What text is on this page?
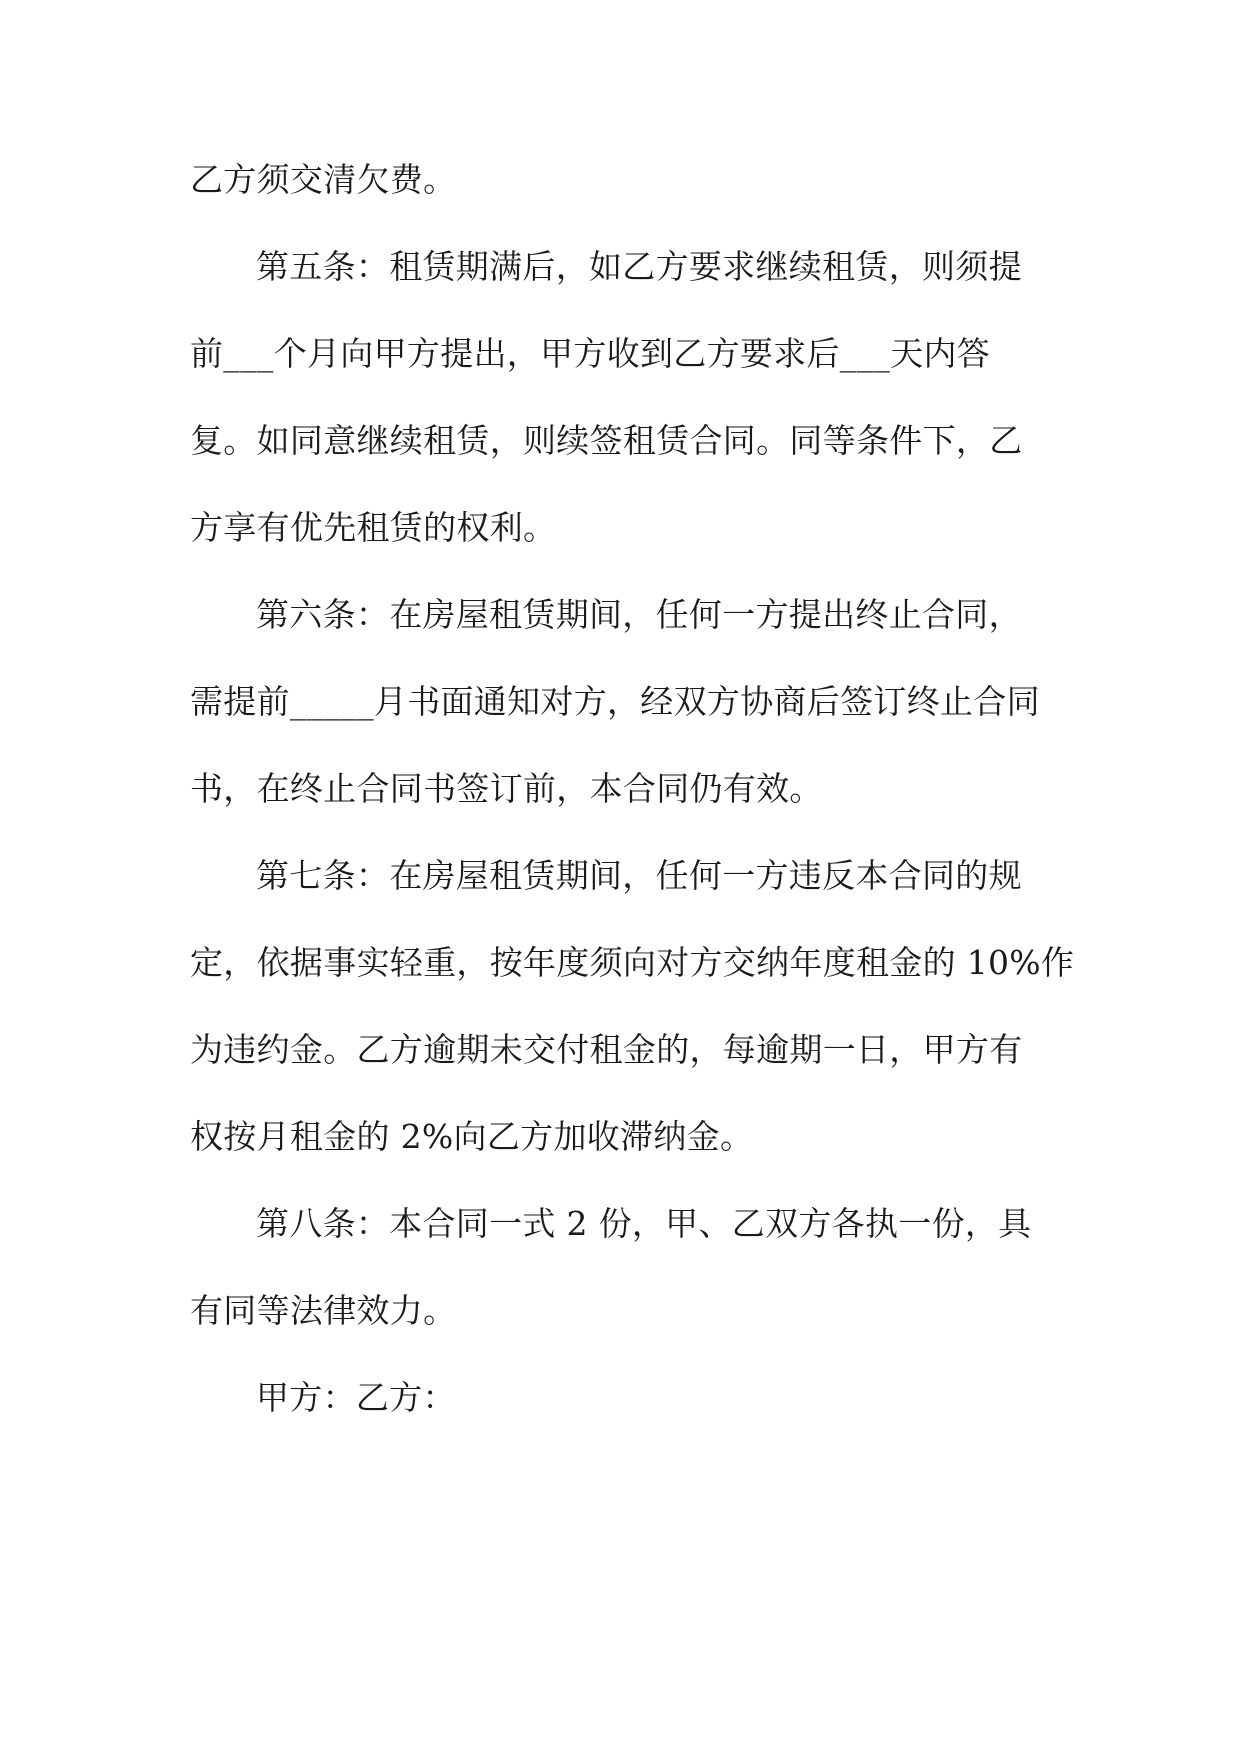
乙方须交清欠费。
第五条：租赁期满后，如乙方要求继续租赁，则须提
前___个月向甲方提出，甲方收到乙方要求后___天内答
复。如同意继续租赁，则续签租赁合同。同等条件下，乙
方享有优先租赁的权利。
第六条：在房屋租赁期间，任何一方提出终止合同，
需提前_____月书面通知对方，经双方协商后签订终止合同
书，在终止合同书签订前，本合同仍有效。
第七条：在房屋租赁期间，任何一方违反本合同的规
定，依据事实轻重，按年度须向对方交纳年度租金的 10%作
为违约金。乙方逾期未交付租金的，每逾期一日，甲方有
权按月租金的 2%向乙方加收滞纳金。
第八条：本合同一式 2 份，甲、乙双方各执一份，具
有同等法律效力。
甲方：乙方：
